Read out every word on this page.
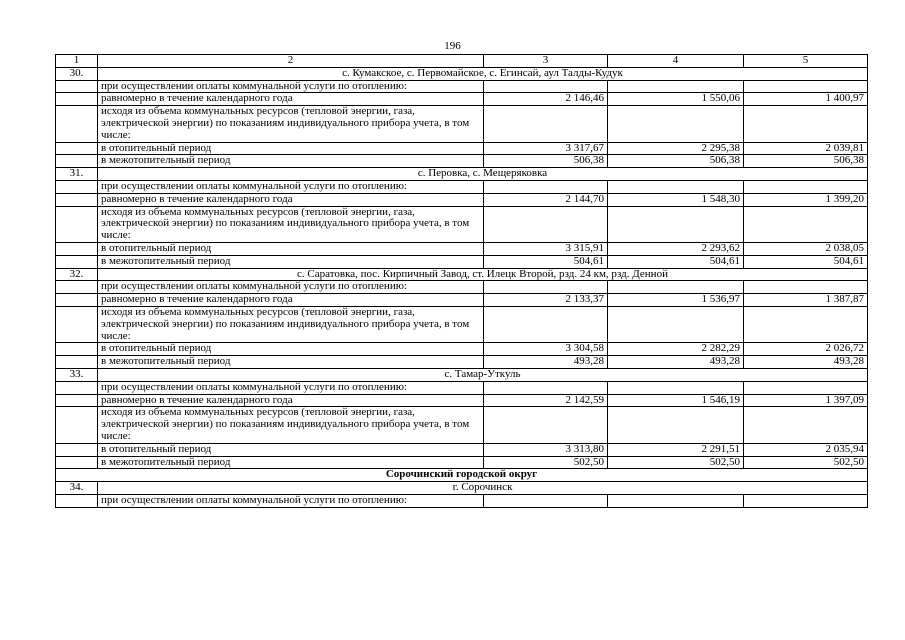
196
1	2	3	4	5
30.	с. Кумакское, с. Первомайское, с. Егинсай, аул Талды-Кудук			
	при осуществлении оплаты коммунальной услуги по отоплению:			
	равномерно в течение календарного года	2 146,46	1 550,06	1 400,97
	исходя из объема коммунальных ресурсов (тепловой энергии, газа, электрической энергии) по показаниям индивидуального прибора учета, в том числе:			
	в отопительный период	3 317,67	2 295,38	2 039,81
	в межотопительный период	506,38	506,38	506,38
31.	с. Перовка, с. Мещеряковка			
	при осуществлении оплаты коммунальной услуги по отоплению:			
	равномерно в течение календарного года	2 144,70	1 548,30	1 399,20
	исходя из объема коммунальных ресурсов (тепловой энергии, газа, электрической энергии) по показаниям индивидуального прибора учета, в том числе:			
	в отопительный период	3 315,91	2 293,62	2 038,05
	в межотопительный период	504,61	504,61	504,61
32.	с. Саратовка, пос. Кирпичный Завод, ст. Илецк Второй, рзд. 24 км, рзд. Денной			
	при осуществлении оплаты коммунальной услуги по отоплению:			
	равномерно в течение календарного года	2 133,37	1 536,97	1 387,87
	исходя из объема коммунальных ресурсов (тепловой энергии, газа, электрической энергии) по показаниям индивидуального прибора учета, в том числе:			
	в отопительный период	3 304,58	2 282,29	2 026,72
	в межотопительный период	493,28	493,28	493,28
33.	с. Тамар-Уткуль			
	при осуществлении оплаты коммунальной услуги по отоплению:			
	равномерно в течение календарного года	2 142,59	1 546,19	1 397,09
	исходя из объема коммунальных ресурсов (тепловой энергии, газа, электрической энергии) по показаниям индивидуального прибора учета, в том числе:			
	в отопительный период	3 313,80	2 291,51	2 035,94
	в межотопительный период	502,50	502,50	502,50
Сорочинский городской округ				
34.	г. Сорочинск			
	при осуществлении оплаты коммунальной услуги по отоплению:			
